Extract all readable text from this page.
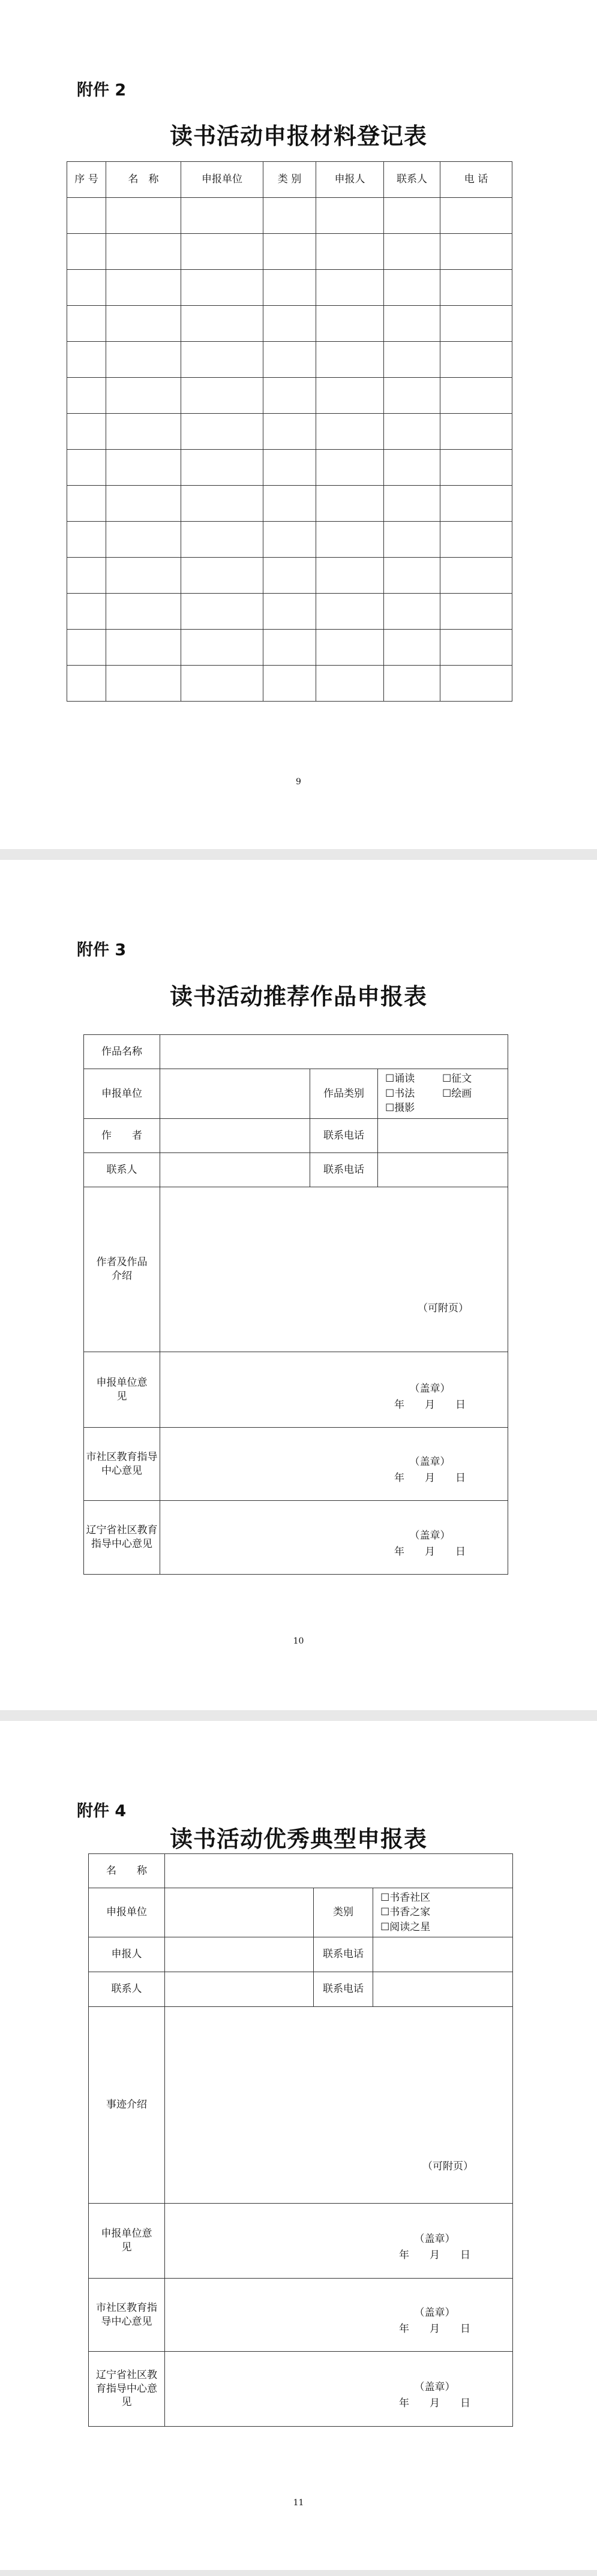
附件 2
读书活动申报材料登记表
序 号	名　称	申报单位	类 别	申报人	联系人	电 话

9
附件 3
读书活动推荐作品申报表
作品名称			
申报单位		作品类别	☐诵读 ☐征文
☐书法 ☐绘画
☐摄影

作　　者		联系电话	
联系人		联系电话	
作者及作品介绍	（可附页）		

申报单位意见	（盖章）
年　　月　　日		

市社区教育指导中心意见	（盖章）
年　　月　　日		

辽宁省社区教育指导中心意见	（盖章）
年　　月　　日		
10
附件 4
读书活动优秀典型申报表
名　　称			
申报单位		类别	☐书香社区
☐书香之家
☐阅读之星

申报人		联系电话	
联系人		联系电话	
事迹介绍	（可附页）		

申报单位意见	（盖章）
年　　月　　日		

市社区教育指导中心意见	（盖章）
年　　月　　日		

辽宁省社区教育指导中心意见	（盖章）
年　　月　　日		
11
